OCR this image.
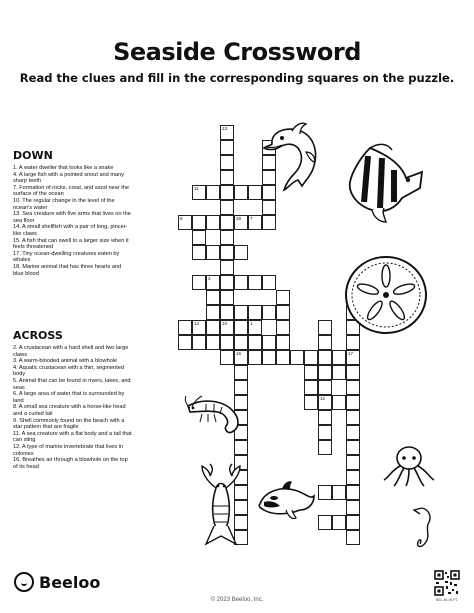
Seaside Crossword
Read the clues and fill in the corresponding squares on the puzzle.
DOWN
1. A water dweller that looks like a snake
4. A large fish with a pointed snout and many sharp teeth
7. Formation of rocks, coral, and sand near the surface of the ocean
10. The regular change in the level of the ocean's water
13. Sea creature with five arms that lives on the sea floor
14. A small shellfish with a pair of long, pincer-like claws
15. A fish that can swell to a larger size when it feels threatened
17. Tiny ocean-dwelling creatures eaten by whales
18. Marine animal that has three hearts and blue blood
ACROSS
2. A crustacean with a hard shell and two large claws
3. A warm-blooded animal with a blowhole
4. Aquatic crustacean with a thin, segmented body
5. Animal that can be found in rivers, lakes, and seas
6. A large area of water that is surrounded by land
8. A small sea creature with a horse-like head and a curled tail
9. Shell commonly found on the beach with a star pattern that are fragile
11. A sea creature with a flat body and a tail that can sting
12. A type of marine invertebrate that lives in colonies
16. Breathes air through a blowhole on the top of its head
13
10
16
3
12
17
11
8	18 7
14	1
Beeloo
© 2023 Beeloo, Inc.	BEL-NCW-P1
